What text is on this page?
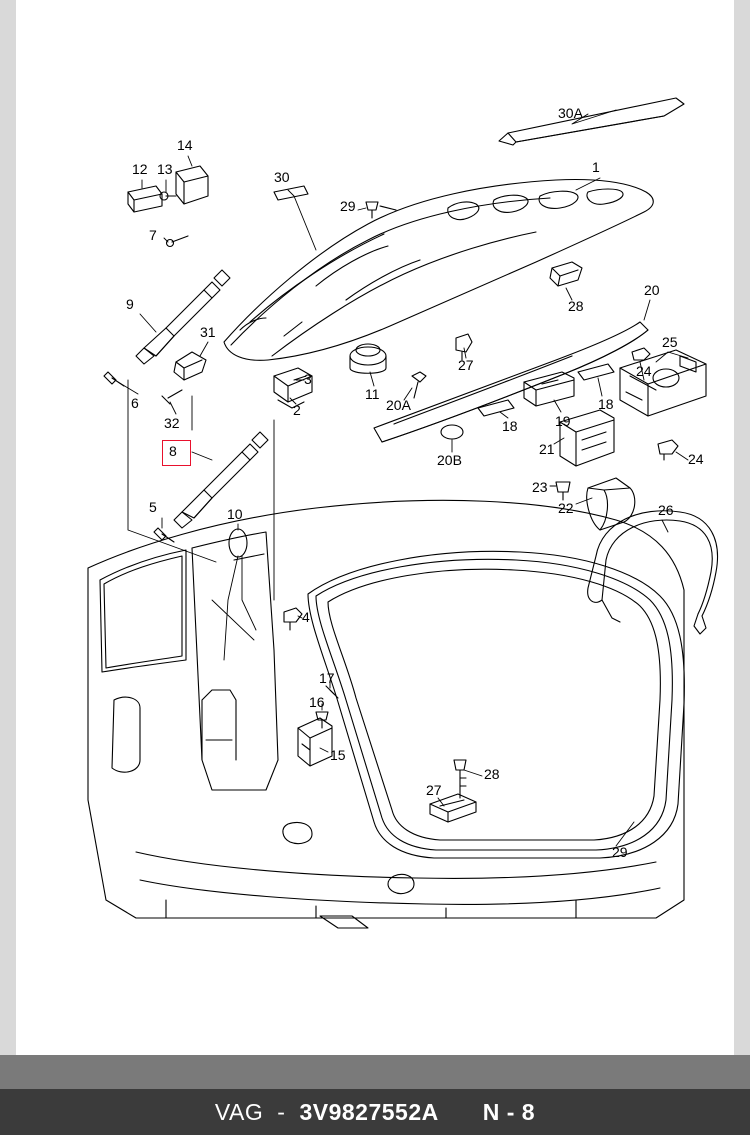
30A
1
30
29
14
12 13
7
9
31
6
32
8
5	10
4
3
2
11
20A
27
20B
18	19
18
21
23
22
28
20
25
24
24
26
17
16
15
28
27
29
VAG - 3V9827552A N - 8
